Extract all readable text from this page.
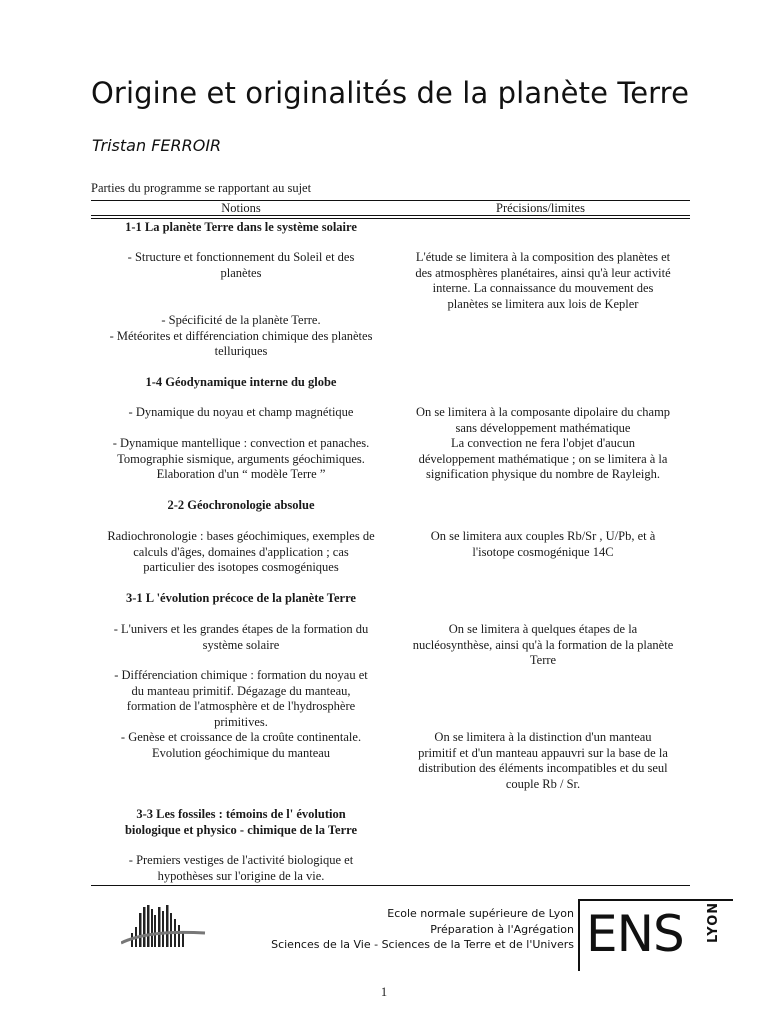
Origine et originalités de la planète Terre
Tristan FERROIR
Parties du programme se rapportant au sujet
Notions	Précisions/limites
1-1 La planète Terre dans le système solaire
- Structure et fonctionnement du Soleil et des
planètes
L'étude se limitera à la composition des planètes et
des atmosphères planétaires, ainsi qu'à leur activité
interne. La connaissance du mouvement des
planètes se limitera aux lois de Kepler
- Spécificité de la planète Terre.
- Météorites et différenciation chimique des planètes
telluriques
1-4 Géodynamique interne du globe
- Dynamique du noyau et champ magnétique	On se limitera à la composante dipolaire du champ
sans développement mathématique
La convection ne fera l'objet d'aucun
développement mathématique ; on se limitera à la
signification physique du nombre de Rayleigh.
- Dynamique mantellique : convection et panaches.
Tomographie sismique, arguments géochimiques.
Elaboration d'un “ modèle Terre ”
2-2 Géochronologie absolue
Radiochronologie : bases géochimiques, exemples de
calculs d'âges, domaines d'application ; cas
particulier des isotopes cosmogéniques
On se limitera aux couples Rb/Sr , U/Pb, et à
l'isotope cosmogénique 14C
3-1 L 'évolution précoce de la planète Terre
- L'univers et les grandes étapes de la formation du
système solaire
On se limitera à quelques étapes de la
nucléosynthèse, ainsi qu'à la formation de la planète
Terre
- Différenciation chimique : formation du noyau et
du manteau primitif. Dégazage du manteau,
formation de l'atmosphère et de l'hydrosphère
primitives.
- Genèse et croissance de la croûte continentale.
Evolution géochimique du manteau
On se limitera à la distinction d'un manteau
primitif et d'un manteau appauvri sur la base de la
distribution des éléments incompatibles et du seul
couple Rb / Sr.
3-3 Les fossiles : témoins de l' évolution
biologique et physico - chimique de la Terre
- Premiers vestiges de l'activité biologique et
hypothèses sur l'origine de la vie.
Ecole normale supérieure de Lyon
Préparation à l'Agrégation
Sciences de la Vie - Sciences de la Terre et de l'Univers ENS LYON
1
